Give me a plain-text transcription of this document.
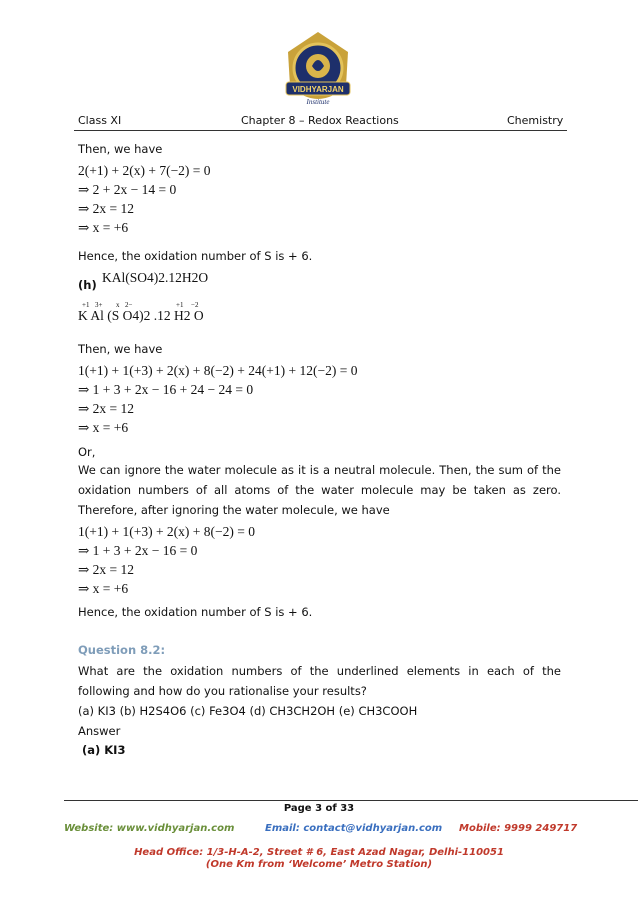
VIDHYARJAN
Institute
Class XI	Chapter 8 – Redox Reactions	Chemistry
Then, we have
2(+1) + 2(x) + 7(−2) = 0
⇒ 2 + 2x − 14 = 0
⇒ 2x = 12
⇒ x = +6
Hence, the oxidation number of S is + 6.
(h) KAl(SO4)2.12H2O
+1 3+ x 2−	+1 −2
K Al (S O4)2 .12 H2 O
Then, we have
1(+1) + 1(+3) + 2(x) + 8(−2) + 24(+1) + 12(−2) = 0
⇒ 1 + 3 + 2x − 16 + 24 − 24 = 0
⇒ 2x = 12
⇒ x = +6
Or,
We can ignore the water molecule as it is a neutral molecule. Then, the sum of the oxidation numbers of all atoms of the water molecule may be taken as zero. Therefore, after ignoring the water molecule, we have
1(+1) + 1(+3) + 2(x) + 8(−2) = 0
⇒ 1 + 3 + 2x − 16 = 0
⇒ 2x = 12
⇒ x = +6
Hence, the oxidation number of S is + 6.
Question 8.2:
What are the oxidation numbers of the underlined elements in each of the following and how do you rationalise your results?
(a) KI3 (b) H2S4O6 (c) Fe3O4 (d) CH3CH2OH (e) CH3COOH
Answer
(a) KI3
Page 3 of 33
Website: www.vidhyarjan.com	Email: contact@vidhyarjan.com Mobile: 9999 249717
Head Office: 1/3-H-A-2, Street # 6, East Azad Nagar, Delhi-110051
(One Km from ‘Welcome’ Metro Station)
